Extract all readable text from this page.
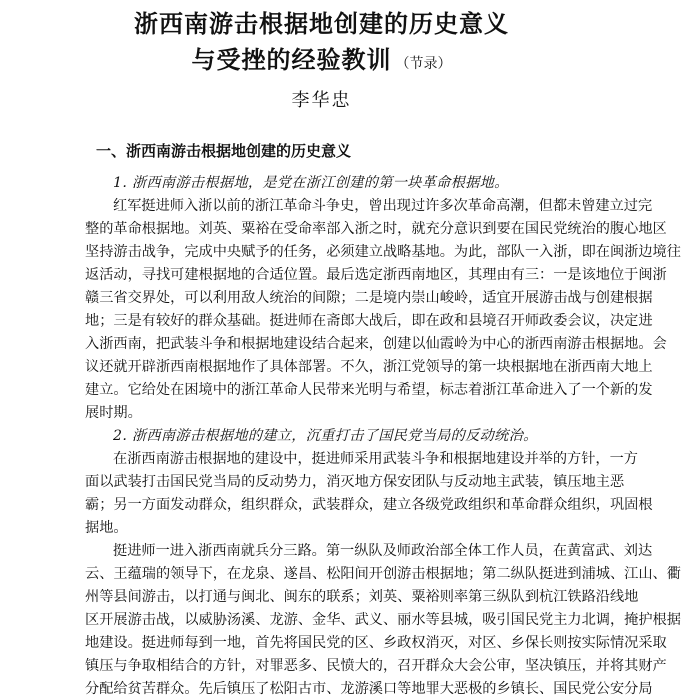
浙西南游击根据地创建的历史意义
与受挫的经验教训 （节录）
李华忠
一、浙西南游击根据地创建的历史意义
1. 浙西南游击根据地，是党在浙江创建的第一块革命根据地。
红军挺进师入浙以前的浙江革命斗争史，曾出现过许多次革命高潮，但都未曾建立过完
整的革命根据地。刘英、粟裕在受命率部入浙之时，就充分意识到要在国民党统治的腹心地区
坚持游击战争，完成中央赋予的任务，必须建立战略基地。为此，部队一入浙，即在闽浙边境往
返活动，寻找可建根据地的合适位置。最后选定浙西南地区，其理由有三：一是该地位于闽浙
赣三省交界处，可以利用敌人统治的间隙；二是境内崇山峻岭，适宜开展游击战与创建根据
地；三是有较好的群众基础。挺进师在斋郎大战后，即在政和县境召开师政委会议，决定进
入浙西南，把武装斗争和根据地建设结合起来，创建以仙霞岭为中心的浙西南游击根据地。会
议还就开辟浙西南根据地作了具体部署。不久，浙江党领导的第一块根据地在浙西南大地上
建立。它给处在困境中的浙江革命人民带来光明与希望，标志着浙江革命进入了一个新的发
展时期。
2. 浙西南游击根据地的建立，沉重打击了国民党当局的反动统治。
在浙西南游击根据地的建设中，挺进师采用武装斗争和根据地建设并举的方针，一方
面以武装打击国民党当局的反动势力，消灭地方保安团队与反动地主武装，镇压地主恶
霸；另一方面发动群众，组织群众，武装群众，建立各级党政组织和革命群众组织，巩固根
据地。
挺进师一进入浙西南就兵分三路。第一纵队及师政治部全体工作人员，在黄富武、刘达
云、王蕴瑞的领导下，在龙泉、遂昌、松阳间开创游击根据地；第二纵队挺进到浦城、江山、衢
州等县间游击，以打通与闽北、闽东的联系；刘英、粟裕则率第三纵队到杭江铁路沿线地
区开展游击战，以威胁汤溪、龙游、金华、武义、丽水等县城，吸引国民党主力北调，掩护根据
地建设。挺进师每到一地，首先将国民党的区、乡政权消灭，对区、乡保长则按实际情况采取
镇压与争取相结合的方针，对罪恶多、民愤大的，召开群众大会公审，坚决镇压，并将其财产
分配给贫苦群众。先后镇压了松阳古市、龙游溪口等地罪大恶极的乡镇长、国民党公安分局
